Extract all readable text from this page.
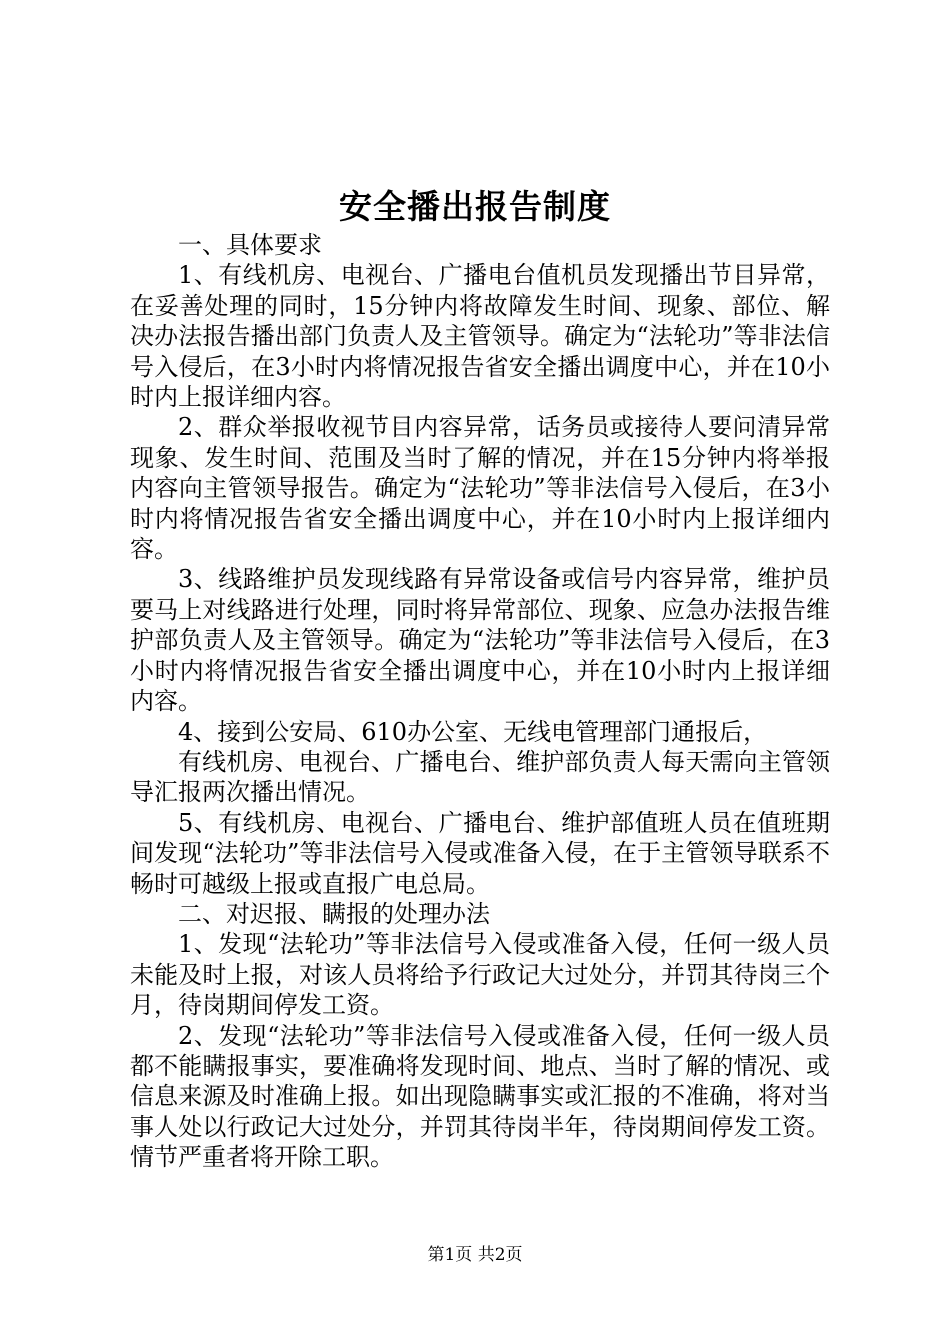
安全播出报告制度

一、具体要求

1、有线机房、电视台、广播电台值机员发现播出节目异常，在妥善处理的同时，15分钟内将故障发生时间、现象、部位、解决办法报告播出部门负责人及主管领导。确定为“法轮功”等非法信号入侵后，在3小时内将情况报告省安全播出调度中心，并在10小时内上报详细内容。

2、群众举报收视节目内容异常，话务员或接待人要问清异常现象、发生时间、范围及当时了解的情况，并在15分钟内将举报内容向主管领导报告。确定为“法轮功”等非法信号入侵后，在3小时内将情况报告省安全播出调度中心，并在10小时内上报详细内容。

3、线路维护员发现线路有异常设备或信号内容异常，维护员要马上对线路进行处理，同时将异常部位、现象、应急办法报告维护部负责人及主管领导。确定为“法轮功”等非法信号入侵后，在3小时内将情况报告省安全播出调度中心，并在10小时内上报详细内容。

4、接到公安局、610办公室、无线电管理部门通报后，

有线机房、电视台、广播电台、维护部负责人每天需向主管领导汇报两次播出情况。

5、有线机房、电视台、广播电台、维护部值班人员在值班期间发现“法轮功”等非法信号入侵或准备入侵，在于主管领导联系不畅时可越级上报或直报广电总局。

二、对迟报、瞒报的处理办法

1、发现“法轮功”等非法信号入侵或准备入侵，任何一级人员未能及时上报，对该人员将给予行政记大过处分，并罚其待岗三个月，待岗期间停发工资。

2、发现“法轮功”等非法信号入侵或准备入侵，任何一级人员都不能瞒报事实，要准确将发现时间、地点、当时了解的情况、或信息来源及时准确上报。如出现隐瞒事实或汇报的不准确，将对当事人处以行政记大过处分，并罚其待岗半年，待岗期间停发工资。情节严重者将开除工职。

第1页 共2页
